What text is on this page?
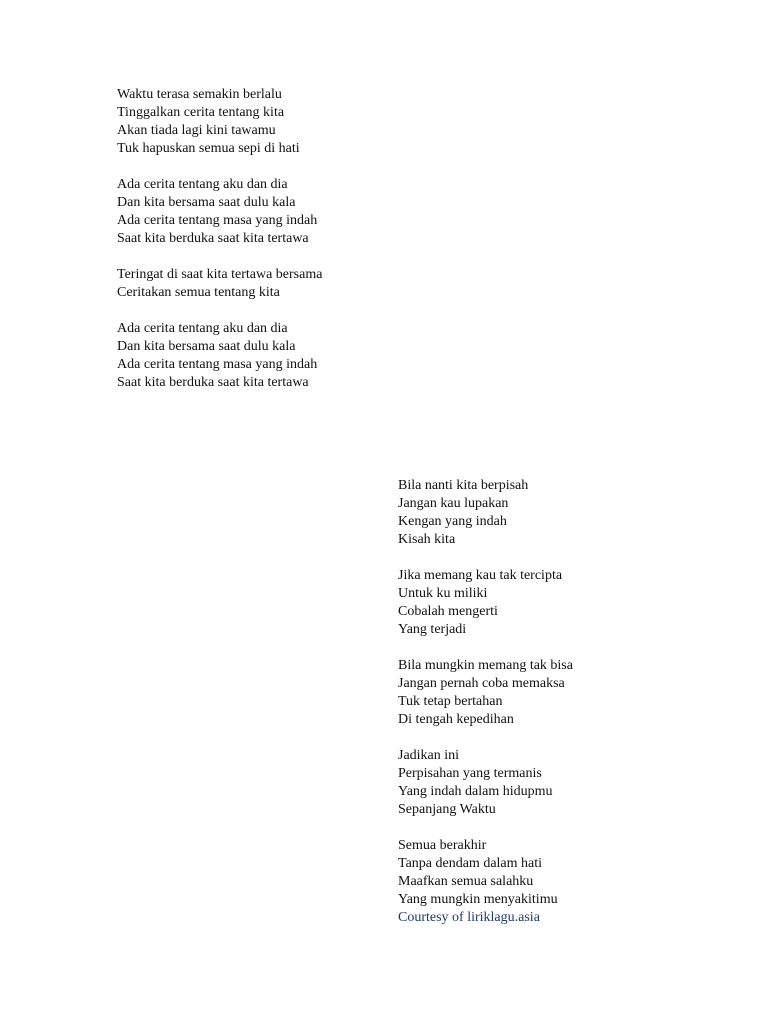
Waktu terasa semakin berlalu
Tinggalkan cerita tentang kita
Akan tiada lagi kini tawamu
Tuk hapuskan semua sepi di hati
Ada cerita tentang aku dan dia
Dan kita bersama saat dulu kala
Ada cerita tentang masa yang indah
Saat kita berduka saat kita tertawa
Teringat di saat kita tertawa bersama
Ceritakan semua tentang kita
Ada cerita tentang aku dan dia
Dan kita bersama saat dulu kala
Ada cerita tentang masa yang indah
Saat kita berduka saat kita tertawa
Bila nanti kita berpisah
Jangan kau lupakan
Kengan yang indah
Kisah kita
Jika memang kau tak tercipta
Untuk ku miliki
Cobalah mengerti
Yang terjadi
Bila mungkin memang tak bisa
Jangan pernah coba memaksa
Tuk tetap bertahan
Di tengah kepedihan
Jadikan ini
Perpisahan yang termanis
Yang indah dalam hidupmu
Sepanjang Waktu
Semua berakhir
Tanpa dendam dalam hati
Maafkan semua salahku
Yang mungkin menyakitimu
Courtesy of liriklagu.asia
